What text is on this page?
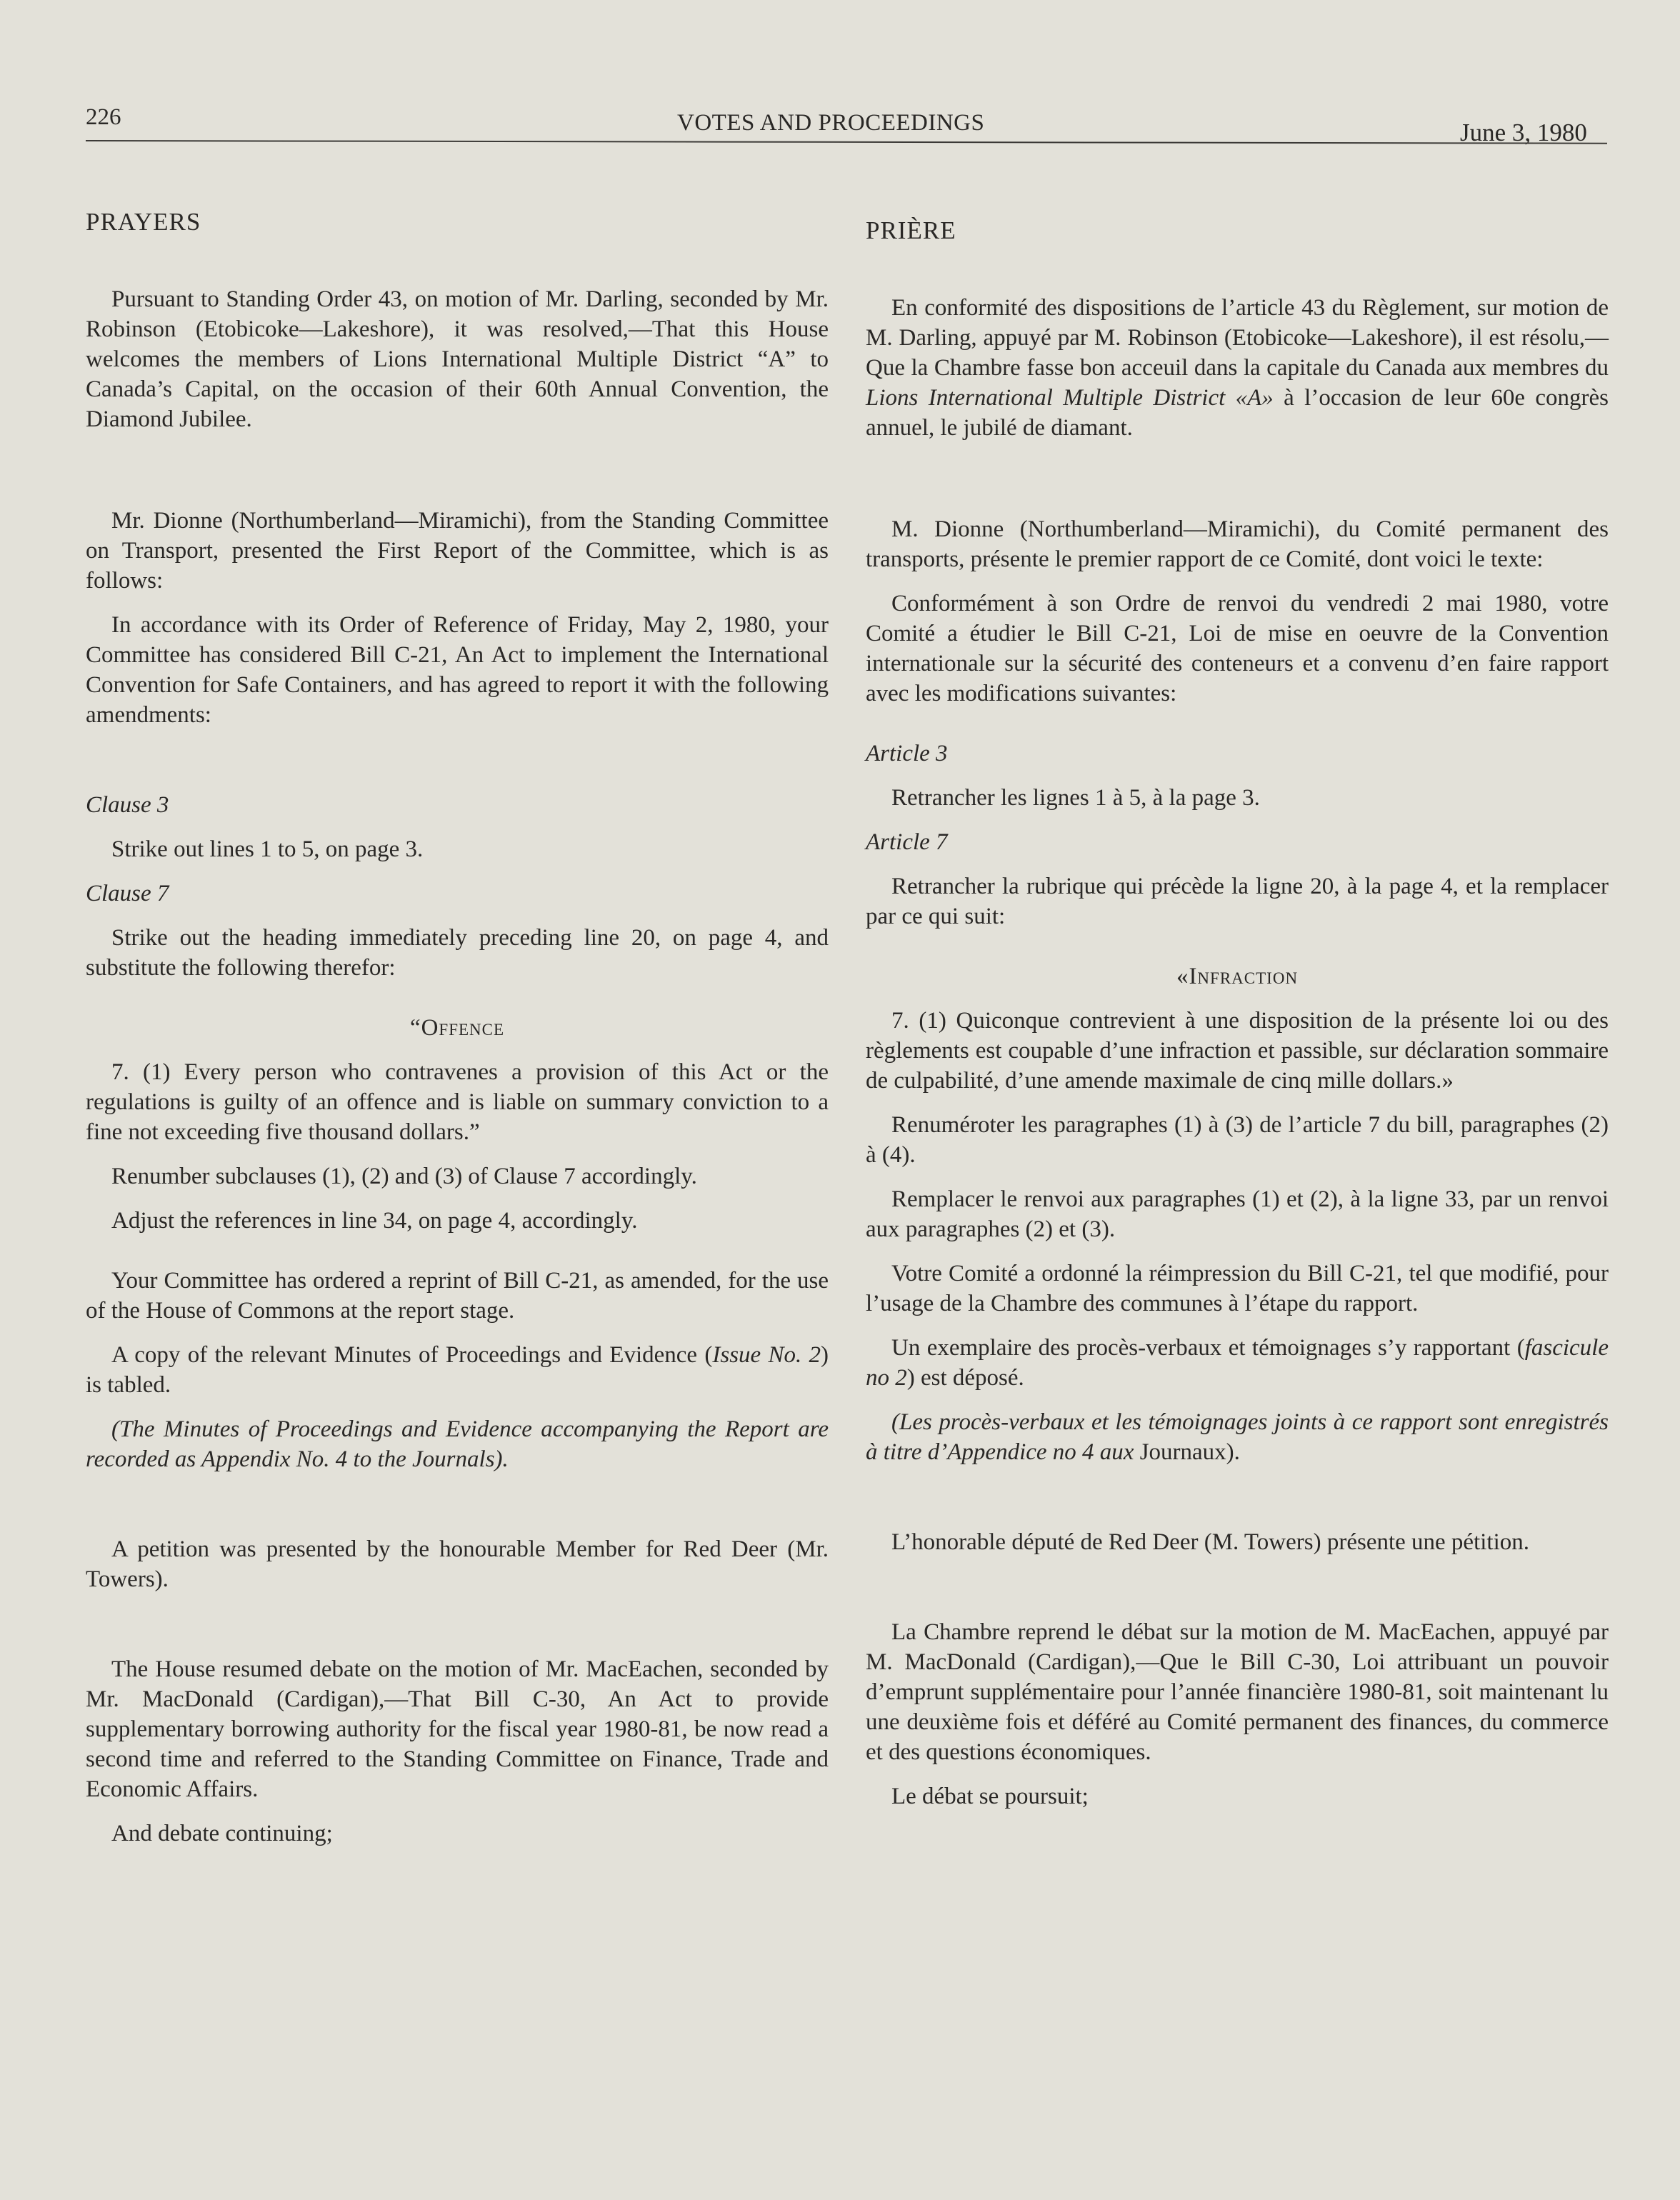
226	VOTES AND PROCEEDINGS	June 3, 1980

PRAYERS

Pursuant to Standing Order 43, on motion of Mr. Darling, seconded by Mr. Robinson (Etobicoke—Lakeshore), it was resolved,—That this House welcomes the members of Lions International Multiple District “A” to Canada’s Capital, on the occasion of their 60th Annual Convention, the Diamond Jubilee.

Mr. Dionne (Northumberland—Miramichi), from the Standing Committee on Transport, presented the First Report of the Committee, which is as follows:

In accordance with its Order of Reference of Friday, May 2, 1980, your Committee has considered Bill C-21, An Act to implement the International Convention for Safe Containers, and has agreed to report it with the following amendments:

Clause 3

Strike out lines 1 to 5, on page 3.

Clause 7

Strike out the heading immediately preceding line 20, on page 4, and substitute the following therefor:

“Offence

7. (1) Every person who contravenes a provision of this Act or the regulations is guilty of an offence and is liable on summary conviction to a fine not exceeding five thousand dollars.”

Renumber subclauses (1), (2) and (3) of Clause 7 accordingly.

Adjust the references in line 34, on page 4, accordingly.

Your Committee has ordered a reprint of Bill C-21, as amended, for the use of the House of Commons at the report stage.

A copy of the relevant Minutes of Proceedings and Evidence (Issue No. 2) is tabled.

(The Minutes of Proceedings and Evidence accompanying the Report are recorded as Appendix No. 4 to the Journals).

A petition was presented by the honourable Member for Red Deer (Mr. Towers).

The House resumed debate on the motion of Mr. MacEachen, seconded by Mr. MacDonald (Cardigan),—That Bill C-30, An Act to provide supplementary borrowing authority for the fiscal year 1980-81, be now read a second time and referred to the Standing Committee on Finance, Trade and Economic Affairs.

And debate continuing;

PRIÈRE

En conformité des dispositions de l’article 43 du Règlement, sur motion de M. Darling, appuyé par M. Robinson (Etobicoke—Lakeshore), il est résolu,—Que la Chambre fasse bon acceuil dans la capitale du Canada aux membres du Lions International Multiple District «A» à l’occasion de leur 60e congrès annuel, le jubilé de diamant.

M. Dionne (Northumberland—Miramichi), du Comité permanent des transports, présente le premier rapport de ce Comité, dont voici le texte:

Conformément à son Ordre de renvoi du vendredi 2 mai 1980, votre Comité a étudier le Bill C-21, Loi de mise en oeuvre de la Convention internationale sur la sécurité des conteneurs et a convenu d’en faire rapport avec les modifications suivantes:

Article 3

Retrancher les lignes 1 à 5, à la page 3.

Article 7

Retrancher la rubrique qui précède la ligne 20, à la page 4, et la remplacer par ce qui suit:

«Infraction

7. (1) Quiconque contrevient à une disposition de la présente loi ou des règlements est coupable d’une infraction et passible, sur déclaration sommaire de culpabilité, d’une amende maximale de cinq mille dollars.»

Renuméroter les paragraphes (1) à (3) de l’article 7 du bill, paragraphes (2) à (4).

Remplacer le renvoi aux paragraphes (1) et (2), à la ligne 33, par un renvoi aux paragraphes (2) et (3).

Votre Comité a ordonné la réimpression du Bill C-21, tel que modifié, pour l’usage de la Chambre des communes à l’étape du rapport.

Un exemplaire des procès-verbaux et témoignages s’y rapportant (fascicule no 2) est déposé.

(Les procès-verbaux et les témoignages joints à ce rapport sont enregistrés à titre d’Appendice no 4 aux Journaux).

L’honorable député de Red Deer (M. Towers) présente une pétition.

La Chambre reprend le débat sur la motion de M. MacEachen, appuyé par M. MacDonald (Cardigan),—Que le Bill C-30, Loi attribuant un pouvoir d’emprunt supplémentaire pour l’année financière 1980-81, soit maintenant lu une deuxième fois et déféré au Comité permanent des finances, du commerce et des questions économiques.

Le débat se poursuit;
